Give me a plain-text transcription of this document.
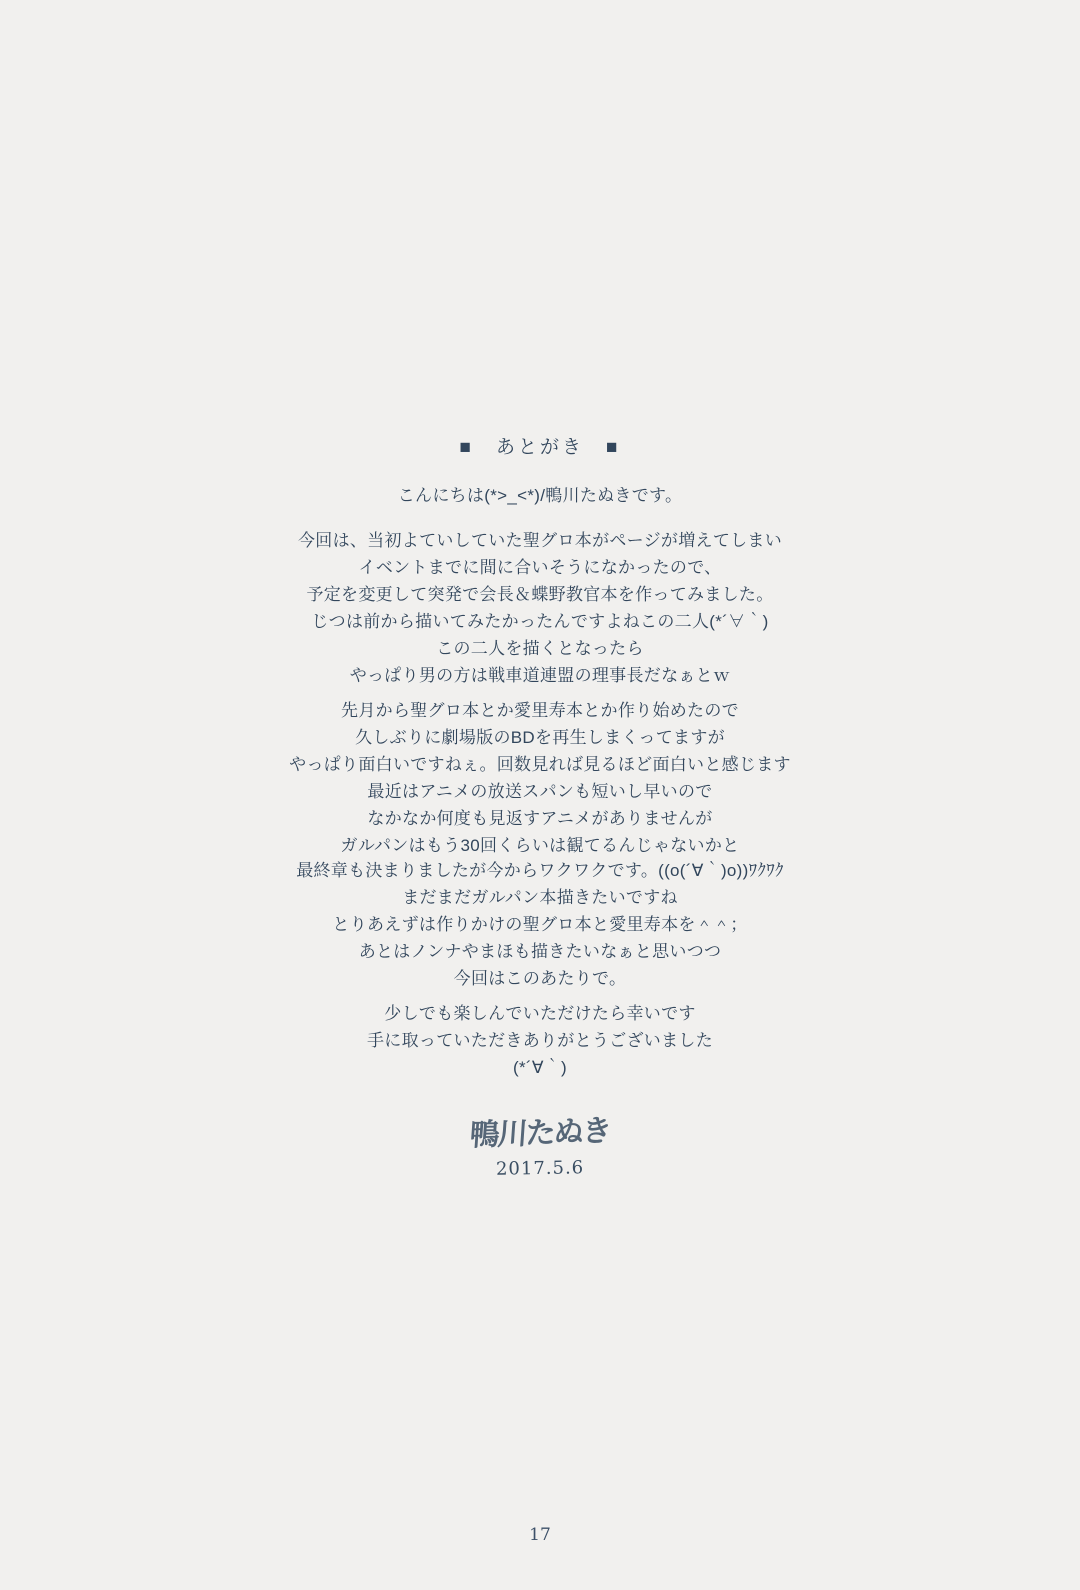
■　あとがき　■
こんにちは(*>_<*)/鴨川たぬきです。
今回は、当初よていしていた聖グロ本がページが増えてしまい
イベントまでに間に合いそうになかったので、
予定を変更して突発で会長＆蝶野教官本を作ってみました。
じつは前から描いてみたかったんですよねこの二人(*´∀｀)
この二人を描くとなったら
やっぱり男の方は戦車道連盟の理事長だなぁとｗ
先月から聖グロ本とか愛里寿本とか作り始めたので
久しぶりに劇場版のBDを再生しまくってますが
やっぱり面白いですねぇ。回数見れば見るほど面白いと感じます
最近はアニメの放送スパンも短いし早いので
なかなか何度も見返すアニメがありませんが
ガルパンはもう30回くらいは観てるんじゃないかと
最終章も決まりましたが今からワクワクです。((o(´∀｀)o))ﾜｸﾜｸ
まだまだガルパン本描きたいですね
とりあえずは作りかけの聖グロ本と愛里寿本を＾＾；
あとはノンナやまほも描きたいなぁと思いつつ
今回はこのあたりで。
少しでも楽しんでいただけたら幸いです
手に取っていただきありがとうございました
(*´∀｀)
鴨川たぬき
2017.5.6
17
